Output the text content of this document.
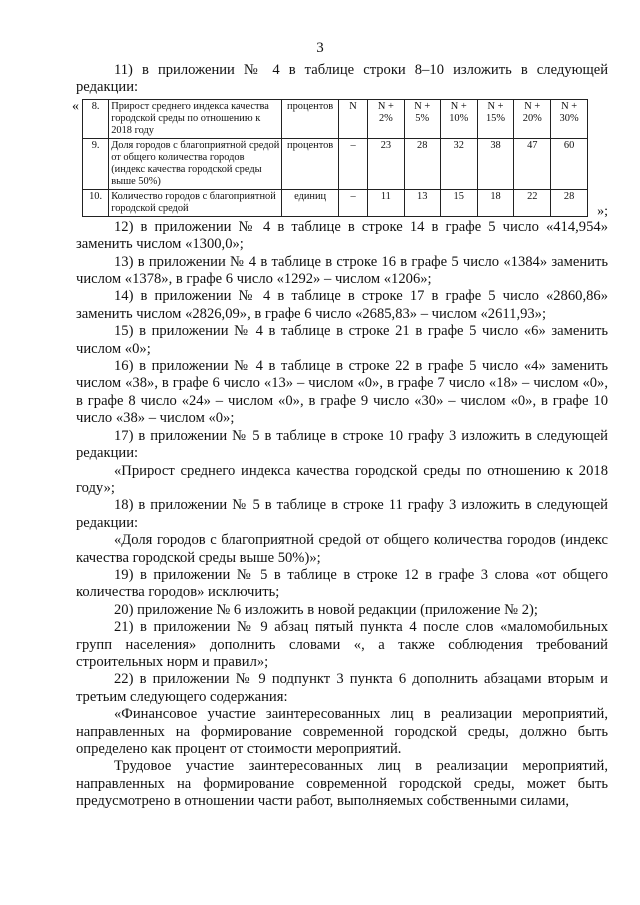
3

11) в приложении № 4 в таблице строки 8–10 изложить в следующей редакции:

« 8.	Прирост среднего индекса качества городской среды по отношению к 2018 году	процентов	N	N + 2%	N + 5%	N + 10%	N + 15%	N + 20%	N + 30%
9.	Доля городов с благоприятной средой от общего количества городов (индекс качества городской среды выше 50%)	процентов	–	23	28	32	38	47	60
10.	Количество городов с благоприятной городской средой	единиц	–	11	13	15	18	22	28
»;

12) в приложении № 4 в таблице в строке 14 в графе 5 число «414,954» заменить числом «1300,0»;

13) в приложении № 4 в таблице в строке 16 в графе 5 число «1384» заменить числом «1378», в графе 6 число «1292» – числом «1206»;

14) в приложении № 4 в таблице в строке 17 в графе 5 число «2860,86» заменить числом «2826,09», в графе 6 число «2685,83» – числом «2611,93»;

15) в приложении № 4 в таблице в строке 21 в графе 5 число «6» заменить числом «0»;

16) в приложении № 4 в таблице в строке 22 в графе 5 число «4» заменить числом «38», в графе 6 число «13» – числом «0», в графе 7 число «18» – числом «0», в графе 8 число «24» – числом «0», в графе 9 число «30» – числом «0», в графе 10 число «38» – числом «0»;

17) в приложении № 5 в таблице в строке 10 графу 3 изложить в следующей редакции:

«Прирост среднего индекса качества городской среды по отношению к 2018 году»;

18) в приложении № 5 в таблице в строке 11 графу 3 изложить в следующей редакции:

«Доля городов с благоприятной средой от общего количества городов (индекс качества городской среды выше 50%)»;

19) в приложении № 5 в таблице в строке 12 в графе 3 слова «от общего количества городов» исключить;

20) приложение № 6 изложить в новой редакции (приложение № 2);

21) в приложении № 9 абзац пятый пункта 4 после слов «маломобильных групп населения» дополнить словами «, а также соблюдения требований строительных норм и правил»;

22) в приложении № 9 подпункт 3 пункта 6 дополнить абзацами вторым и третьим следующего содержания:

«Финансовое участие заинтересованных лиц в реализации мероприятий, направленных на формирование современной городской среды, должно быть определено как процент от стоимости мероприятий.

Трудовое участие заинтересованных лиц в реализации мероприятий, направленных на формирование современной городской среды, может быть предусмотрено в отношении части работ, выполняемых собственными силами,
